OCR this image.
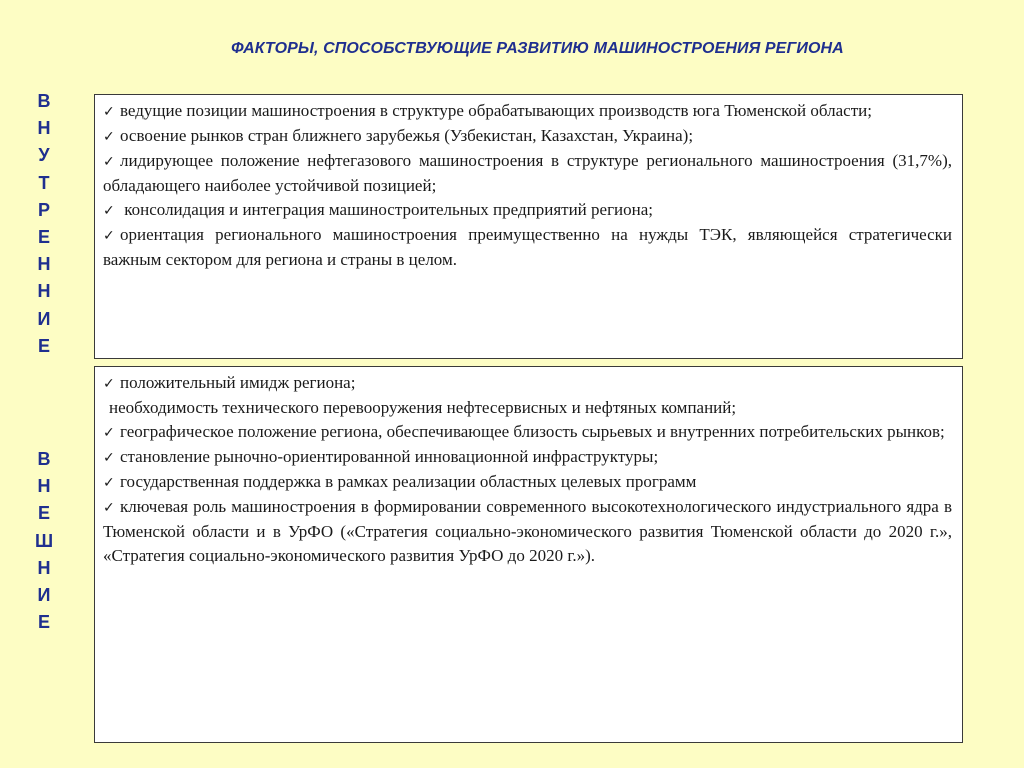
ФАКТОРЫ, СПОСОБСТВУЮЩИЕ РАЗВИТИЮ МАШИНОСТРОЕНИЯ РЕГИОНА
В
Н
У
Т
Р
Е
Н
Н
И
Е
В
Н
Е
Ш
Н
И
Е

✓ ведущие позиции машиностроения в структуре обрабатывающих производств юга Тюменской области;

✓ освоение рынков стран ближнего зарубежья (Узбекистан, Казахстан, Украина);

✓ лидирующее положение нефтегазового машиностроения в структуре регионального машиностроения (31,7%), обладающего наиболее устойчивой позицией;

✓ консолидация и интеграция машиностроительных предприятий региона;

✓ ориентация регионального машиностроения преимущественно на нужды ТЭК, являющейся стратегически важным сектором для региона и страны в целом.

✓ положительный имидж региона;

необходимость технического перевооружения нефтесервисных и нефтяных компаний;

✓ географическое положение региона, обеспечивающее близость сырьевых и внутренних потребительских рынков;

✓ становление рыночно-ориентированной инновационной инфраструктуры;

✓ государственная поддержка в рамках реализации областных целевых программ

✓ ключевая роль машиностроения в формировании современного высокотехнологического индустриального ядра в Тюменской области и в УрФО («Стратегия социально-экономического развития Тюменской области до 2020 г.», «Стратегия социально-экономического развития УрФО до 2020 г.»).
